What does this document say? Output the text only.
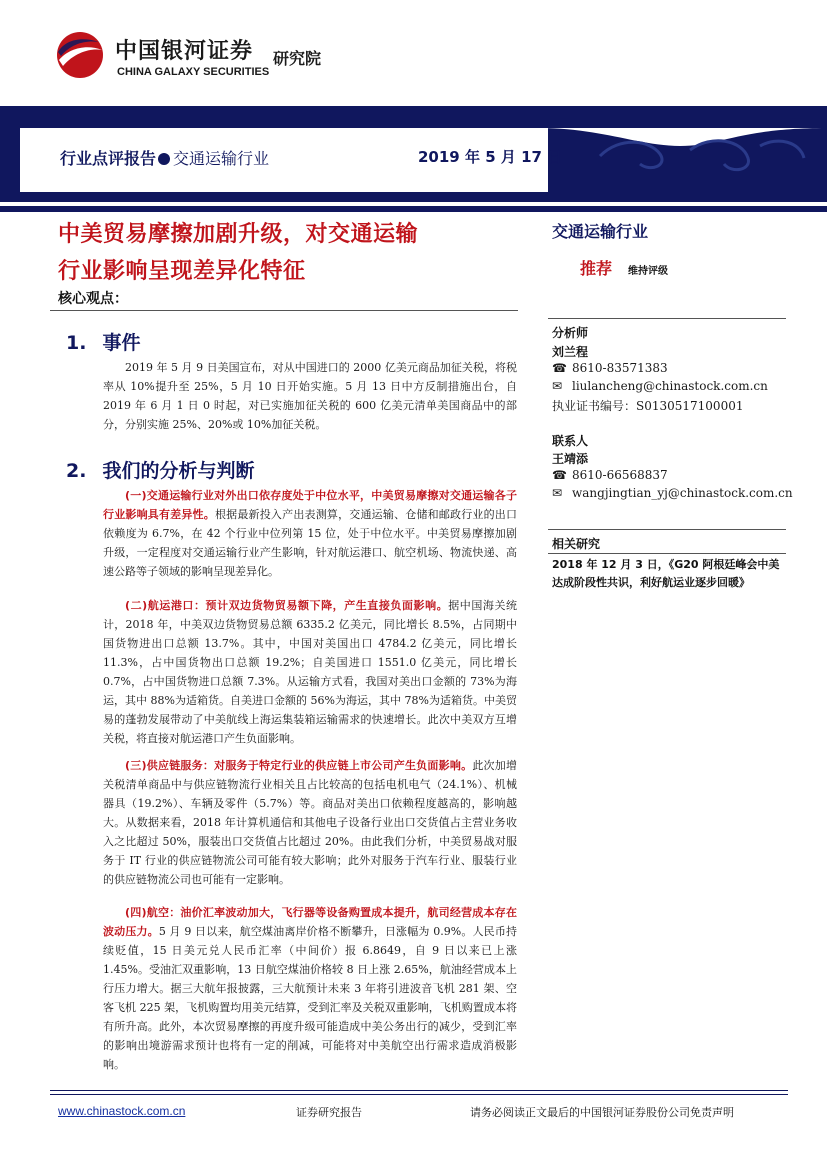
中国银河证券
CHINA GALAXY SECURITIES
研究院
行业点评报告 交通运输行业	2019 年 5 月 17 日
中美贸易摩擦加剧升级，对交通运输
行业影响呈现差异化特征
核心观点：
1. 事件
2019 年 5 月 9 日美国宣布，对从中国进口的 2000 亿美元商品加征关税，将税率从 10%提升至 25%，5 月 10 日开始实施。5 月 13 日中方反制措施出台，自 2019 年 6 月 1 日 0 时起，对已实施加征关税的 600 亿美元清单美国商品中的部分，分别实施 25%、20%或 10%加征关税。
2. 我们的分析与判断
(一)交通运输行业对外出口依存度处于中位水平，中美贸易摩擦对交通运输各子行业影响具有差异性。根据最新投入产出表测算，交通运输、仓储和邮政行业的出口依赖度为 6.7%，在 42 个行业中位列第 15 位，处于中位水平。中美贸易摩擦加剧升级，一定程度对交通运输行业产生影响，针对航运港口、航空机场、物流快递、高速公路等子领域的影响呈现差异化。
(二)航运港口：预计双边货物贸易额下降，产生直接负面影响。据中国海关统计，2018 年，中美双边货物贸易总额 6335.2 亿美元，同比增长 8.5%，占同期中国货物进出口总额 13.7%。其中，中国对美国出口 4784.2 亿美元，同比增长 11.3%，占中国货物出口总额 19.2%；自美国进口 1551.0 亿美元，同比增长 0.7%，占中国货物进口总额 7.3%。从运输方式看，我国对美出口金额的 73%为海运，其中 88%为适箱货。自美进口金额的 56%为海运，其中 78%为适箱货。中美贸易的蓬勃发展带动了中美航线上海运集装箱运输需求的快速增长。此次中美双方互增关税，将直接对航运港口产生负面影响。
(三)供应链服务：对服务于特定行业的供应链上市公司产生负面影响。此次加增关税清单商品中与供应链物流行业相关且占比较高的包括电机电气（24.1%）、机械器具（19.2%）、车辆及零件（5.7%）等。商品对美出口依赖程度越高的，影响越大。从数据来看，2018 年计算机通信和其他电子设备行业出口交货值占主营业务收入之比超过 50%，服装出口交货值占比超过 20%。由此我们分析，中美贸易战对服务于 IT 行业的供应链物流公司可能有较大影响；此外对服务于汽车行业、服装行业的供应链物流公司也可能有一定影响。
(四)航空：油价汇率波动加大，飞行器等设备购置成本提升，航司经营成本存在波动压力。5 月 9 日以来，航空煤油离岸价格不断攀升，日涨幅为 0.9%。人民币持续贬值，15 日美元兑人民币汇率（中间价）报 6.8649，自 9 日以来已上涨 1.45%。受油汇双重影响，13 日航空煤油价格较 8 日上涨 2.65%，航油经营成本上行压力增大。据三大航年报披露，三大航预计未来 3 年将引进波音飞机 281 架、空客飞机 225 架，飞机购置均用美元结算，受到汇率及关税双重影响，飞机购置成本将有所升高。此外，本次贸易摩擦的再度升级可能造成中美公务出行的减少，受到汇率的影响出境游需求预计也将有一定的削减，可能将对中美航空出行需求造成消极影响。
交通运输行业
推荐 维持评级
分析师
刘兰程
☎ 8610-83571383
✉ liulancheng@chinastock.com.cn
执业证书编号：S0130517100001
联系人
王靖添
☎ 8610-66568837
✉ wangjingtian_yj@chinastock.com.cn
相关研究
2018 年 12 月 3 日，《G20 阿根廷峰会中美达成阶段性共识，利好航运业逐步回暖》
www.chinastock.com.cn	证券研究报告	请务必阅读正文最后的中国银河证券股份公司免责声明
